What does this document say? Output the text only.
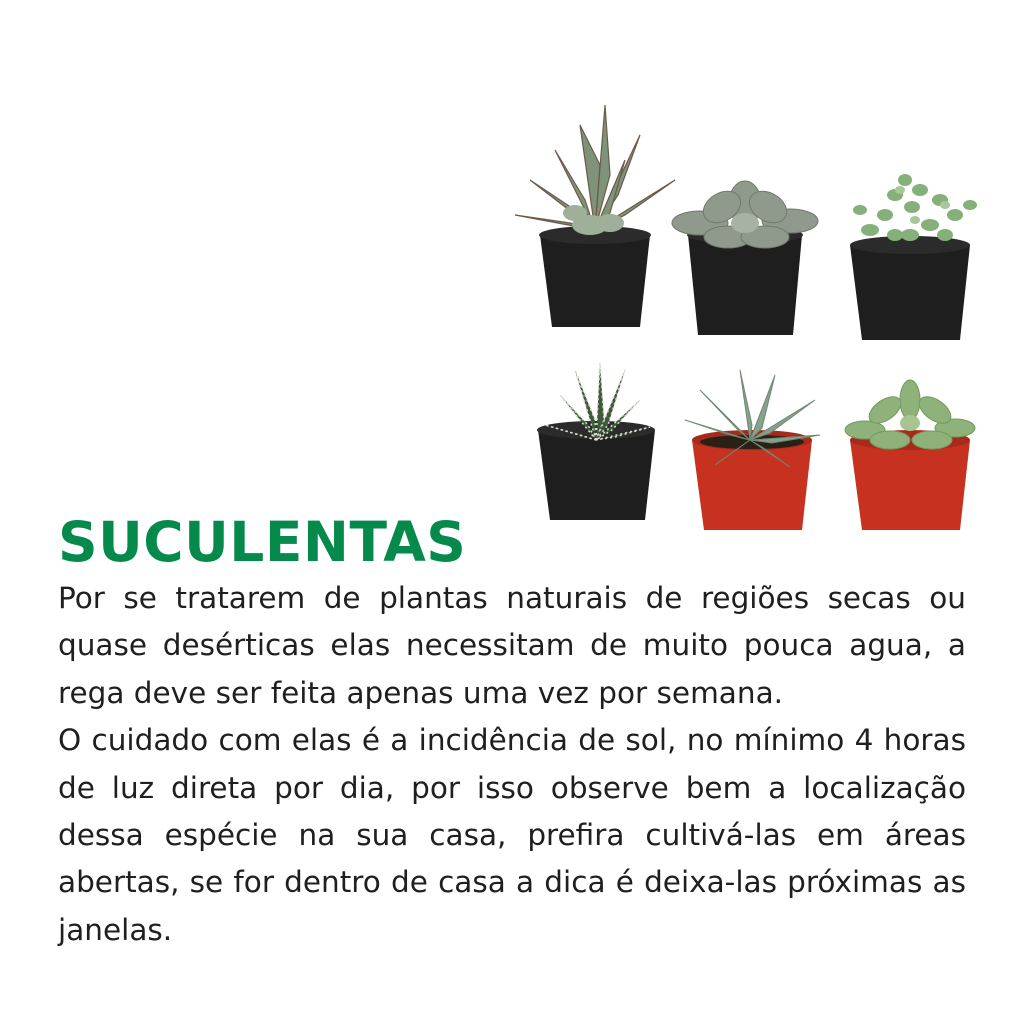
SUCULENTAS

Por se tratarem de plantas naturais de regiões secas ou quase desérticas elas necessitam de muito pouca agua, a rega deve ser feita apenas uma vez por semana.

O cuidado com elas é a incidência de sol, no mínimo 4 horas de luz direta por dia, por isso observe bem a localização dessa espécie na sua casa, prefira cultivá-las em áreas abertas, se for dentro de casa a dica é deixa-las próximas as janelas.
